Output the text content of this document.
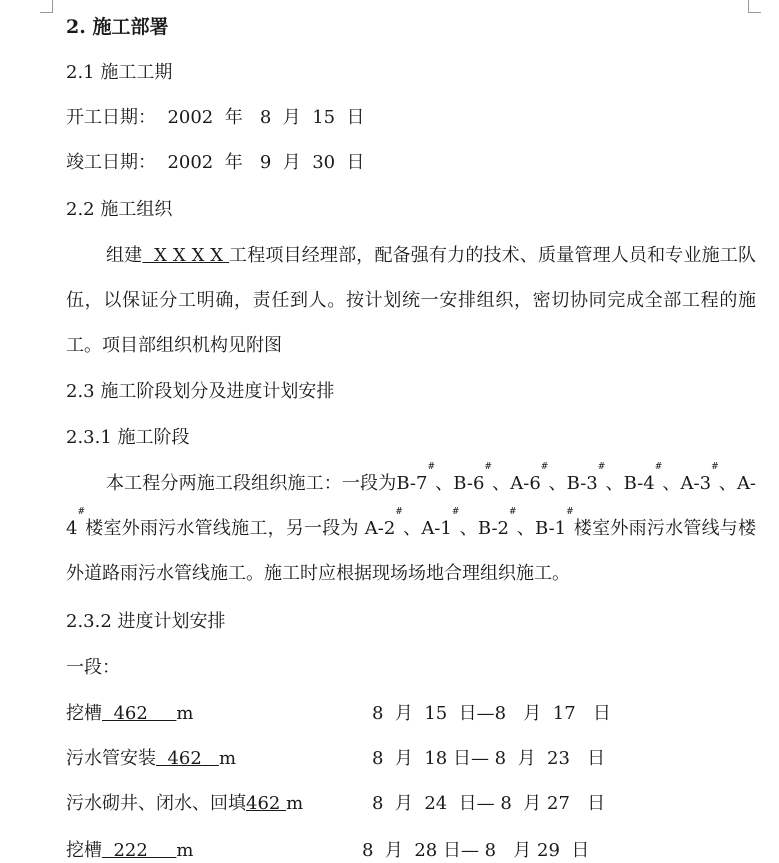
2. 施工部署
2.1 施工工期
开工日期：  2002  年   8  月  15  日
竣工日期：  2002  年   9  月  30  日
2.2 施工组织
组建  X X X X 工程项目经理部，配备强有力的技术、质量管理人员和专业施工队伍，以保证分工明确，责任到人。按计划统一安排组织，密切协同完成全部工程的施工。项目部组织机构见附图
2.3 施工阶段划分及进度计划安排
2.3.1 施工阶段
本工程分两施工段组织施工：一段为B-7#、B-6#、A-6#、B-3#、B-4#、A-3#、A-4#楼室外雨污水管线施工，另一段为 A-2#、A-1#、B-2#、B-1#楼室外雨污水管线与楼外道路雨污水管线施工。施工时应根据现场场地合理组织施工。
2.3.2 进度计划安排
一段：
挖槽  462     m	8  月  15  日—8   月  17   日
污水管安装  462   m	8  月  18 日— 8  月  23   日
污水砌井、闭水、回填462 m	8  月  24  日— 8  月 27   日
挖槽  222     m	8  月  28 日— 8   月 29  日
